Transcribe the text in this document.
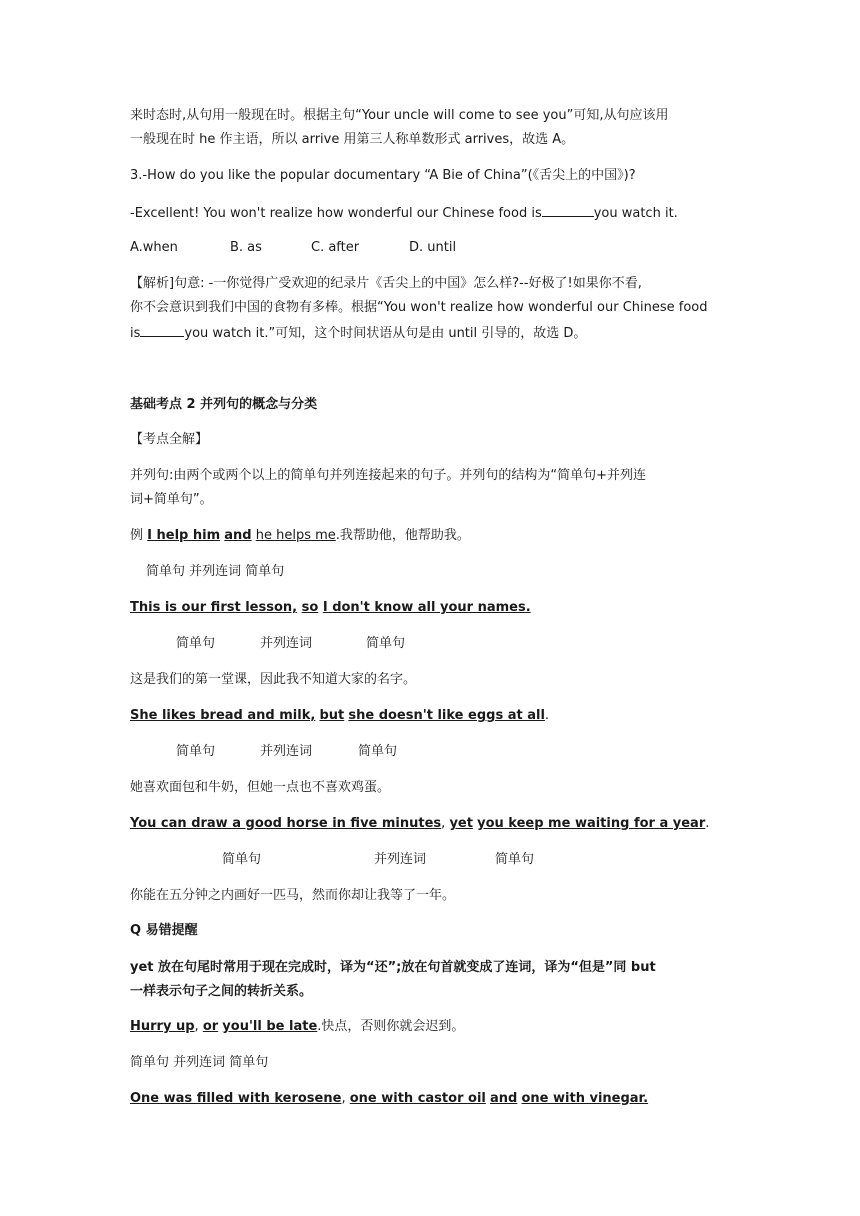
来时态时,从句用一般现在时。根据主句“Your uncle will come to see you”可知,从句应该用
一般现在时 he 作主语，所以 arrive 用第三人称单数形式 arrives，故选 A。
3.-How do you like the popular documentary “A Bie of China”(《舌尖上的中国》)?
-Excellent! You won't realize how wonderful our Chinese food is	you watch it.
A.when	B. as	C. after	D. until
【解析]句意: -一你觉得广受欢迎的纪录片《舌尖上的中国》怎么样?--好极了!如果你不看,
你不会意识到我们中国的食物有多棒。根据“You won't realize how wonderful our Chinese food
is	you watch it.”可知，这个时间状语从句是由 until 引导的，故选 D。
基础考点 2 并列句的概念与分类
【考点全解】
并列句:由两个或两个以上的简单句并列连接起来的句子。并列句的结构为“简单句+并列连
词+简单句”。
例 I help him and he helps me.我帮助他，他帮助我。
简单句 并列连词 简单句
This is our first lesson, so I don't know all your names.
简单句	并列连词	简单句
这是我们的第一堂课，因此我不知道大家的名字。
She likes bread and milk, but she doesn't like eggs at all.
简单句	并列连词	简单句
她喜欢面包和牛奶，但她一点也不喜欢鸡蛋。
You can draw a good horse in five minutes, yet you keep me waiting for a year.
简单句	并列连词	简单句
你能在五分钟之内画好一匹马，然而你却让我等了一年。
Q 易错提醒
yet 放在句尾时常用于现在完成时，译为“还”;放在句首就变成了连词，译为“但是”同 but
一样表示句子之间的转折关系。
Hurry up, or you'll be late.快点，否则你就会迟到。
简单句 并列连词 简单句
One was filled with kerosene, one with castor oil and one with vinegar.
